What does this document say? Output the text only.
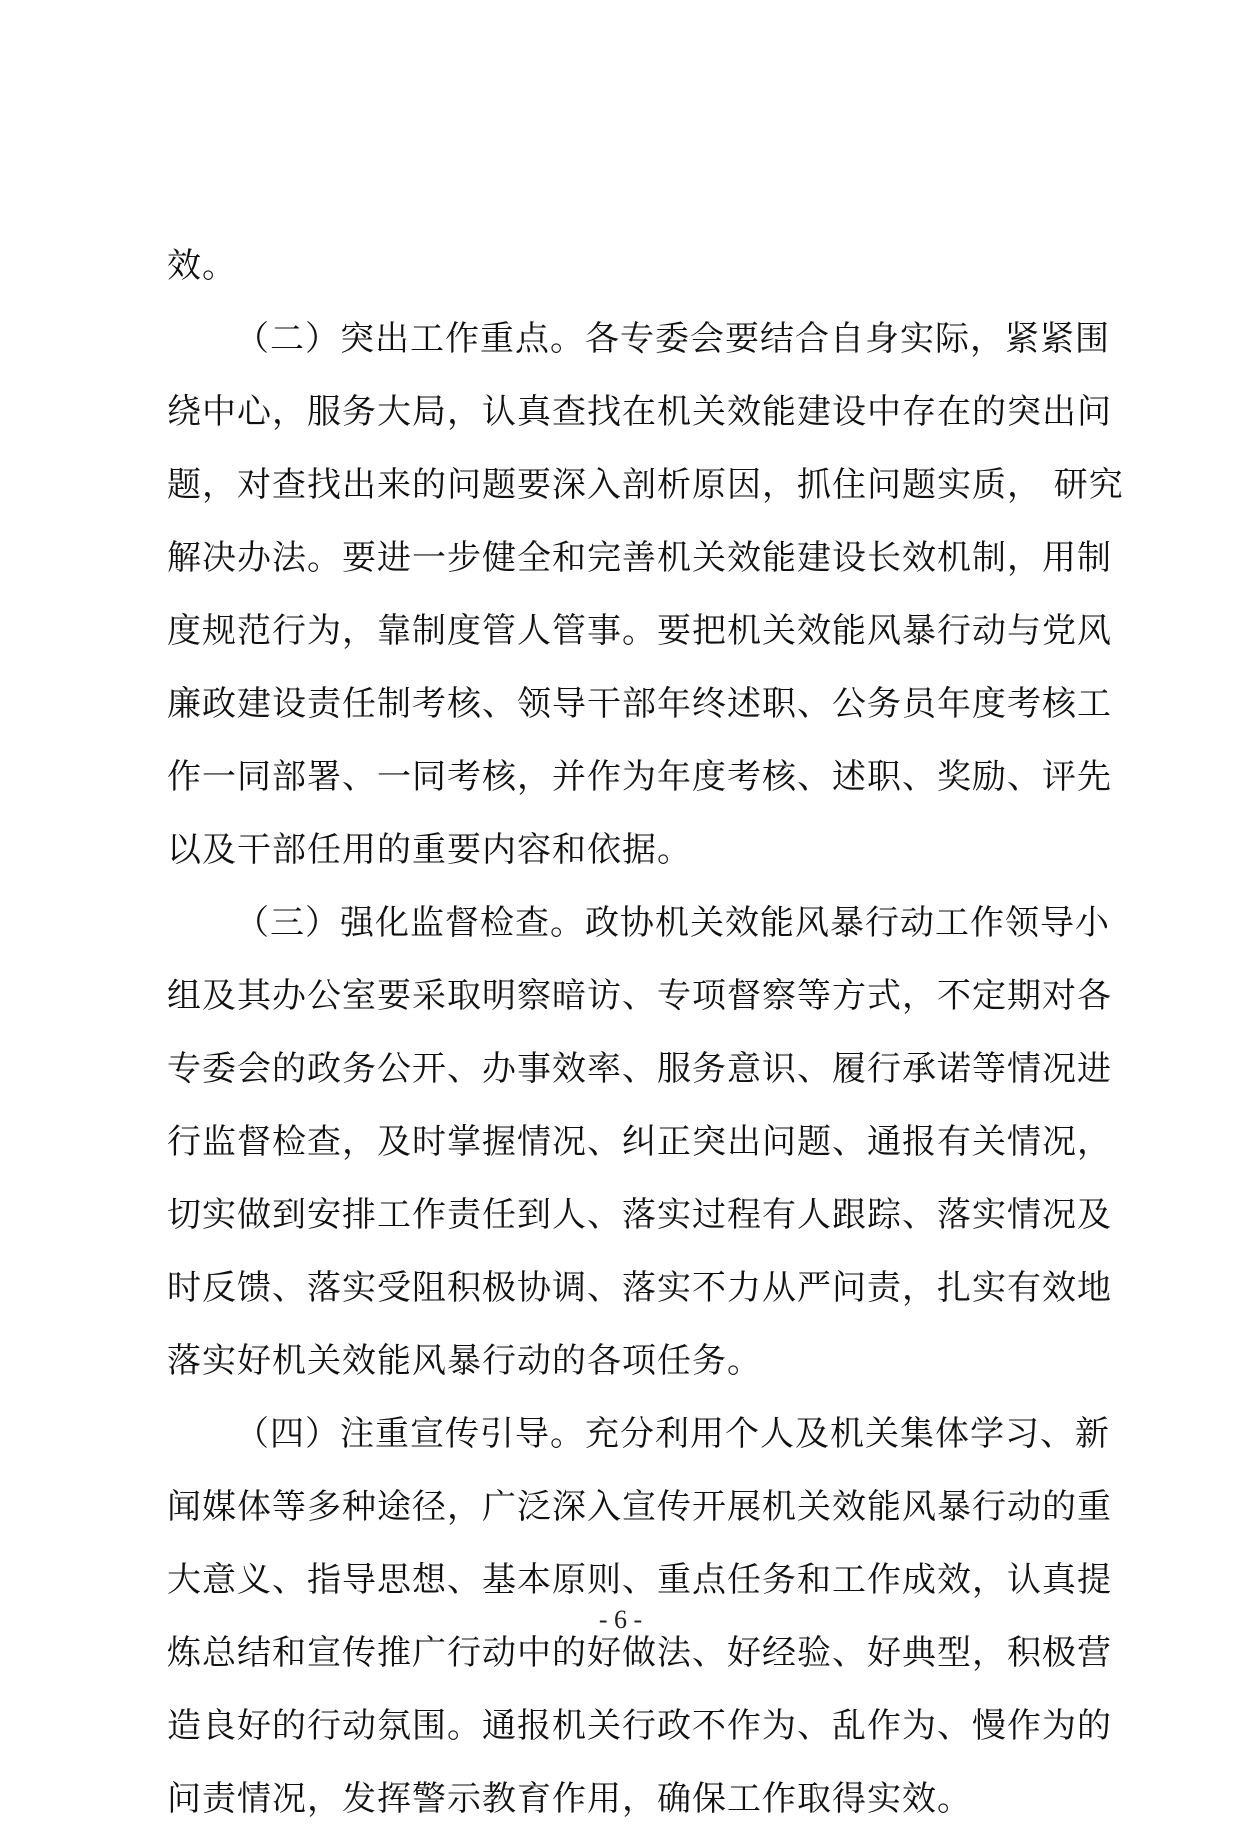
效。
（二）突出工作重点。各专委会要结合自身实际，紧紧围
绕中心，服务大局，认真查找在机关效能建设中存在的突出问
题，对查找出来的问题要深入剖析原因，抓住问题实质， 研究
解决办法。要进一步健全和完善机关效能建设长效机制，用制
度规范行为，靠制度管人管事。要把机关效能风暴行动与党风
廉政建设责任制考核、领导干部年终述职、公务员年度考核工
作一同部署、一同考核，并作为年度考核、述职、奖励、评先
以及干部任用的重要内容和依据。
（三）强化监督检查。政协机关效能风暴行动工作领导小
组及其办公室要采取明察暗访、专项督察等方式，不定期对各
专委会的政务公开、办事效率、服务意识、履行承诺等情况进
行监督检查，及时掌握情况、纠正突出问题、通报有关情况，
切实做到安排工作责任到人、落实过程有人跟踪、落实情况及
时反馈、落实受阻积极协调、落实不力从严问责，扎实有效地
落实好机关效能风暴行动的各项任务。
（四）注重宣传引导。充分利用个人及机关集体学习、新
闻媒体等多种途径，广泛深入宣传开展机关效能风暴行动的重
大意义、指导思想、基本原则、重点任务和工作成效，认真提
炼总结和宣传推广行动中的好做法、好经验、好典型，积极营
造良好的行动氛围。通报机关行政不作为、乱作为、慢作为的
问责情况，发挥警示教育作用，确保工作取得实效。
- 6 -
